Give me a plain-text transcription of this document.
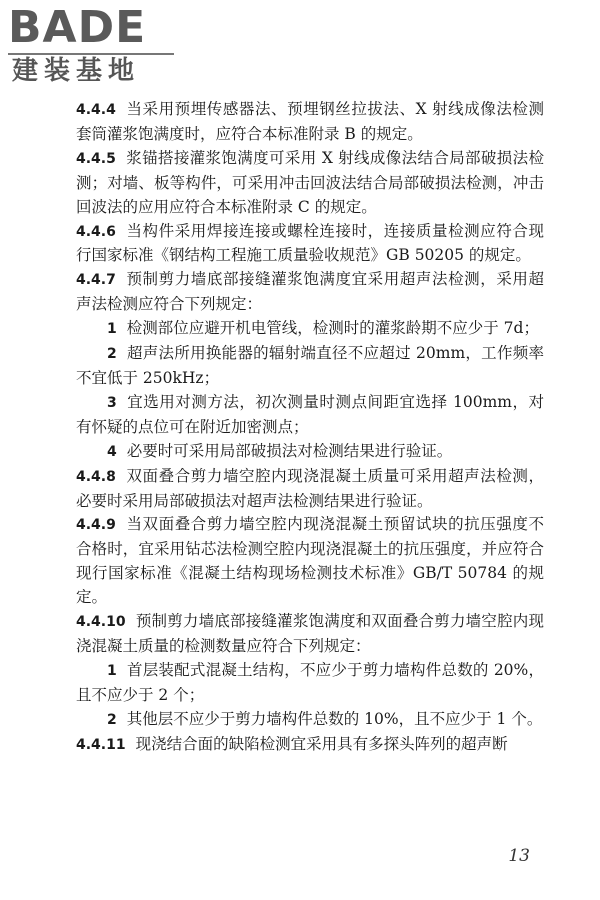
BADE
建装基地

4.4.4 当采用预埋传感器法、预埋钢丝拉拔法、X 射线成像法检测套筒灌浆饱满度时，应符合本标准附录 B 的规定。

4.4.5 浆锚搭接灌浆饱满度可采用 X 射线成像法结合局部破损法检测；对墙、板等构件，可采用冲击回波法结合局部破损法检测，冲击回波法的应用应符合本标准附录 C 的规定。

4.4.6 当构件采用焊接连接或螺栓连接时，连接质量检测应符合现行国家标准《钢结构工程施工质量验收规范》GB 50205 的规定。

4.4.7 预制剪力墙底部接缝灌浆饱满度宜采用超声法检测，采用超声法检测应符合下列规定：

1 检测部位应避开机电管线，检测时的灌浆龄期不应少于 7d；

2 超声法所用换能器的辐射端直径不应超过 20mm，工作频率不宜低于 250kHz；

3 宜选用对测方法，初次测量时测点间距宜选择 100mm，对有怀疑的点位可在附近加密测点；

4 必要时可采用局部破损法对检测结果进行验证。

4.4.8 双面叠合剪力墙空腔内现浇混凝土质量可采用超声法检测，必要时采用局部破损法对超声法检测结果进行验证。

4.4.9 当双面叠合剪力墙空腔内现浇混凝土预留试块的抗压强度不合格时，宜采用钻芯法检测空腔内现浇混凝土的抗压强度，并应符合现行国家标准《混凝土结构现场检测技术标准》GB/T 50784 的规定。

4.4.10 预制剪力墙底部接缝灌浆饱满度和双面叠合剪力墙空腔内现浇混凝土质量的检测数量应符合下列规定：

1 首层装配式混凝土结构，不应少于剪力墙构件总数的 20%，且不应少于 2 个；

2 其他层不应少于剪力墙构件总数的 10%，且不应少于 1 个。

4.4.11 现浇结合面的缺陷检测宜采用具有多探头阵列的超声断

13
